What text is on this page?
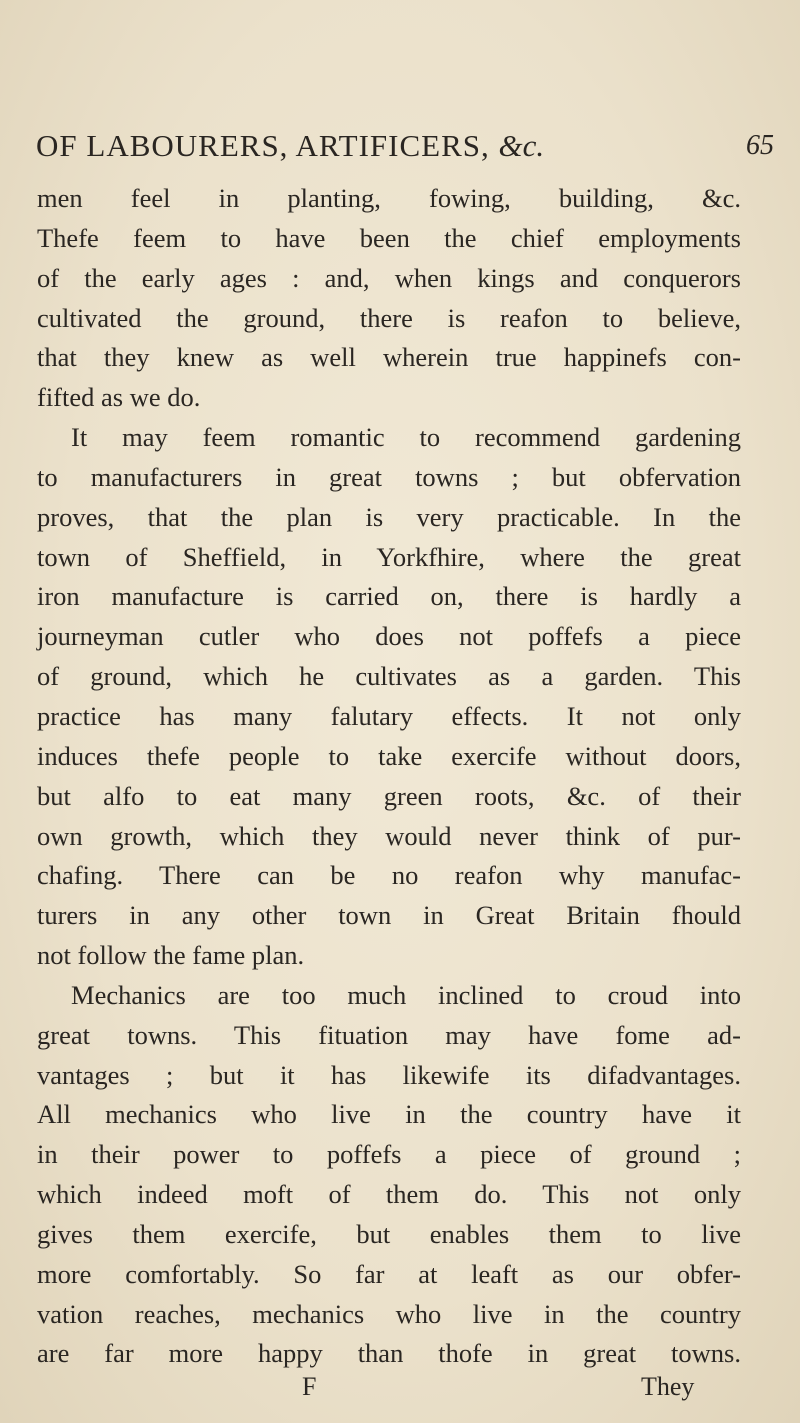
OF LABOURERS, ARTIFICERS, &c.	65
men feel in planting, fowing, building, &c.
Thefe feem to have been the chief employments
of the early ages : and, when kings and conquerors
cultivated the ground, there is reafon to believe,
that they knew as well wherein true happinefs con-
fifted as we do.
It may feem romantic to recommend gardening
to manufacturers in great towns ; but obfervation
proves, that the plan is very practicable. In the
town of Sheffield, in Yorkfhire, where the great
iron manufacture is carried on, there is hardly a
journeyman cutler who does not poffefs a piece
of ground, which he cultivates as a garden. This
practice has many falutary effects. It not only
induces thefe people to take exercife without doors,
but alfo to eat many green roots, &c. of their
own growth, which they would never think of pur-
chafing. There can be no reafon why manufac-
turers in any other town in Great Britain fhould
not follow the fame plan.
Mechanics are too much inclined to croud into
great towns. This fituation may have fome ad-
vantages ; but it has likewife its difadvantages.
All mechanics who live in the country have it
in their power to poffefs a piece of ground ;
which indeed moft of them do. This not only
gives them exercife, but enables them to live
more comfortably. So far at leaft as our obfer-
vation reaches, mechanics who live in the country
are far more happy than thofe in great towns.
F	They
